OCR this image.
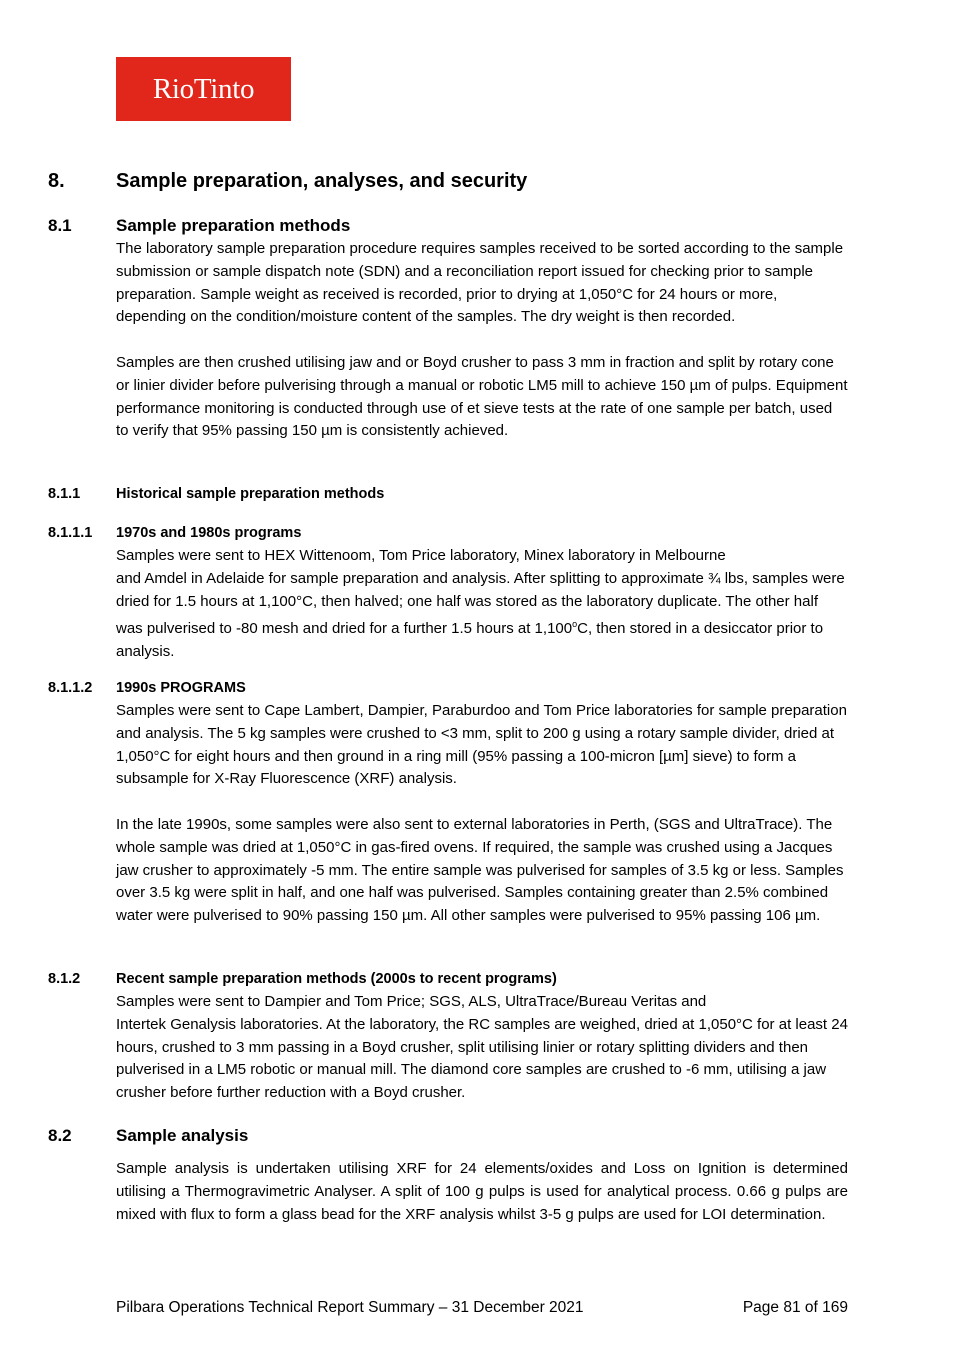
RioTinto
8.	Sample preparation, analyses, and security
8.1	Sample preparation methods
The laboratory sample preparation procedure requires samples received to be sorted according to the sample submission or sample dispatch note (SDN) and a reconciliation report issued for checking prior to sample preparation. Sample weight as received is recorded, prior to drying at 1,050°C for 24 hours or more, depending on the condition/moisture content of the samples. The dry weight is then recorded.
Samples are then crushed utilising jaw and or Boyd crusher to pass 3 mm in fraction and split by rotary cone or linier divider before pulverising through a manual or robotic LM5 mill to achieve 150 µm of pulps. Equipment performance monitoring is conducted through use of et sieve tests at the rate of one sample per batch, used to verify that 95% passing 150 µm is consistently achieved.
8.1.1 Historical sample preparation methods
8.1.1.1 1970s and 1980s programs
Samples were sent to HEX Wittenoom, Tom Price laboratory, Minex laboratory in Melbourne
and Amdel in Adelaide for sample preparation and analysis. After splitting to approximate ¾ lbs, samples were dried for 1.5 hours at 1,100°C, then halved; one half was stored as the laboratory duplicate. The other half was pulverised to -80 mesh and dried for a further 1.5 hours at 1,100$^o$C, then stored in a desiccator prior to analysis.
8.1.1.2 1990s PROGRAMS
Samples were sent to Cape Lambert, Dampier, Paraburdoo and Tom Price laboratories for sample preparation and analysis. The 5 kg samples were crushed to <3 mm, split to 200 g using a rotary sample divider, dried at 1,050°C for eight hours and then ground in a ring mill (95% passing a 100-micron [µm] sieve) to form a subsample for X-Ray Fluorescence (XRF) analysis.
In the late 1990s, some samples were also sent to external laboratories in Perth, (SGS and UltraTrace). The whole sample was dried at 1,050°C in gas-fired ovens. If required, the sample was crushed using a Jacques jaw crusher to approximately -5 mm. The entire sample was pulverised for samples of 3.5 kg or less. Samples over 3.5 kg were split in half, and one half was pulverised. Samples containing greater than 2.5% combined water were pulverised to 90% passing 150 µm. All other samples were pulverised to 95% passing 106 µm.
8.1.2 Recent sample preparation methods (2000s to recent programs)
Samples were sent to Dampier and Tom Price; SGS, ALS, UltraTrace/Bureau Veritas and
Intertek Genalysis laboratories. At the laboratory, the RC samples are weighed, dried at 1,050°C for at least 24 hours, crushed to 3 mm passing in a Boyd crusher, split utilising linier or rotary splitting dividers and then pulverised in a LM5 robotic or manual mill. The diamond core samples are crushed to -6 mm, utilising a jaw crusher before further reduction with a Boyd crusher.
8.2	Sample analysis
Sample analysis is undertaken utilising XRF for 24 elements/oxides and Loss on Ignition is determined utilising a Thermogravimetric Analyser. A split of 100 g pulps is used for analytical process. 0.66 g pulps are mixed with flux to form a glass bead for the XRF analysis whilst 3-5 g pulps are used for LOI determination.
Pilbara Operations Technical Report Summary – 31 December 2021	Page 81 of 169
